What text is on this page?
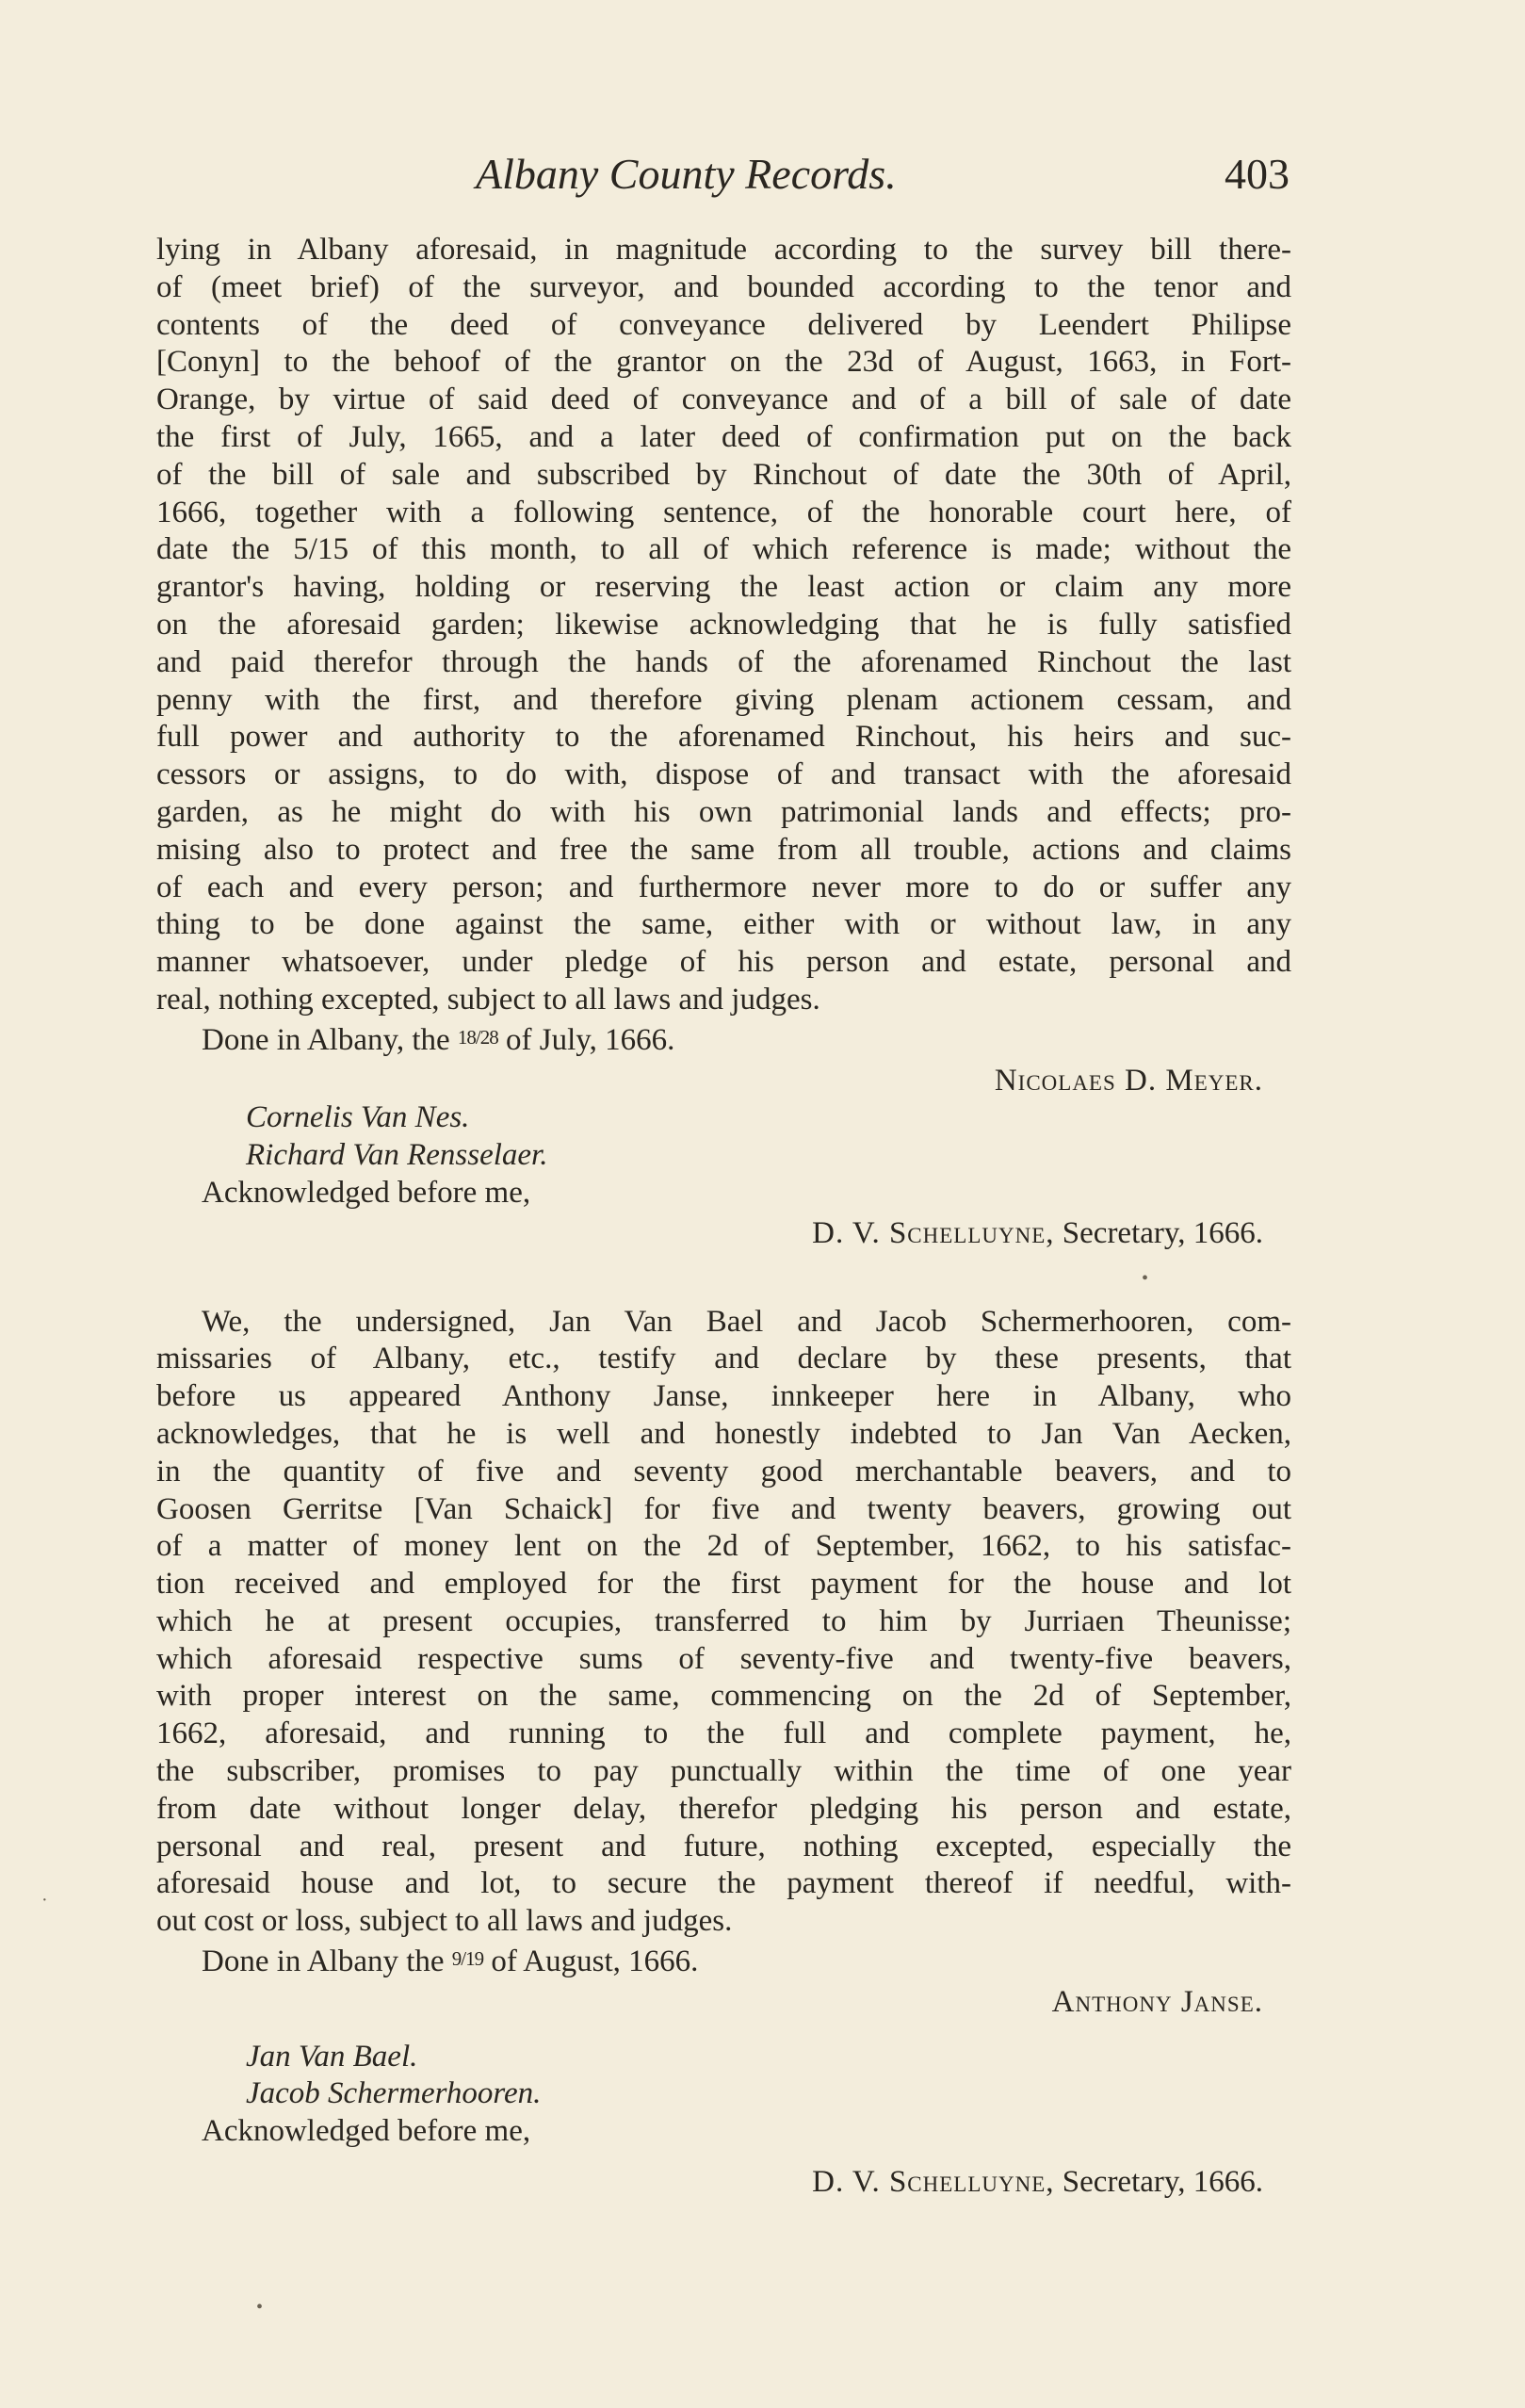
Albany County Records.	403
lying in Albany aforesaid, in magnitude according to the survey bill there-
of (meet brief) of the surveyor, and bounded according to the tenor and
contents of the deed of conveyance delivered by Leendert Philipse
[Conyn] to the behoof of the grantor on the 23d of August, 1663, in Fort-
Orange, by virtue of said deed of conveyance and of a bill of sale of date
the first of July, 1665, and a later deed of confirmation put on the back
of the bill of sale and subscribed by Rinchout of date the 30th of April,
1666, together with a following sentence, of the honorable court here, of
date the 5/15 of this month, to all of which reference is made; without the
grantor's having, holding or reserving the least action or claim any more
on the aforesaid garden; likewise acknowledging that he is fully satisfied
and paid therefor through the hands of the aforenamed Rinchout the last
penny with the first, and therefore giving plenam actionem cessam, and
full power and authority to the aforenamed Rinchout, his heirs and suc-
cessors or assigns, to do with, dispose of and transact with the aforesaid
garden, as he might do with his own patrimonial lands and effects; pro-
mising also to protect and free the same from all trouble, actions and claims
of each and every person; and furthermore never more to do or suffer any
thing to be done against the same, either with or without law, in any
manner whatsoever, under pledge of his person and estate, personal and
real, nothing excepted, subject to all laws and judges.
Done in Albany, the 18/28 of July, 1666.
Nicolaes D. Meyer.
Cornelis Van Nes.
Richard Van Rensselaer.
Acknowledged before me,
D. V. Schelluyne, Secretary, 1666.
We, the undersigned, Jan Van Bael and Jacob Schermerhooren, com-
missaries of Albany, etc., testify and declare by these presents, that
before us appeared Anthony Janse, innkeeper here in Albany, who
acknowledges, that he is well and honestly indebted to Jan Van Aecken,
in the quantity of five and seventy good merchantable beavers, and to
Goosen Gerritse [Van Schaick] for five and twenty beavers, growing out
of a matter of money lent on the 2d of September, 1662, to his satisfac-
tion received and employed for the first payment for the house and lot
which he at present occupies, transferred to him by Jurriaen Theunisse;
which aforesaid respective sums of seventy-five and twenty-five beavers,
with proper interest on the same, commencing on the 2d of September,
1662, aforesaid, and running to the full and complete payment, he,
the subscriber, promises to pay punctually within the time of one year
from date without longer delay, therefor pledging his person and estate,
personal and real, present and future, nothing excepted, especially the
aforesaid house and lot, to secure the payment thereof if needful, with-
out cost or loss, subject to all laws and judges.
Done in Albany the 9/19 of August, 1666.
Anthony Janse.
Jan Van Bael.
Jacob Schermerhooren.
Acknowledged before me,
D. V. Schelluyne, Secretary, 1666.
•
·
•
